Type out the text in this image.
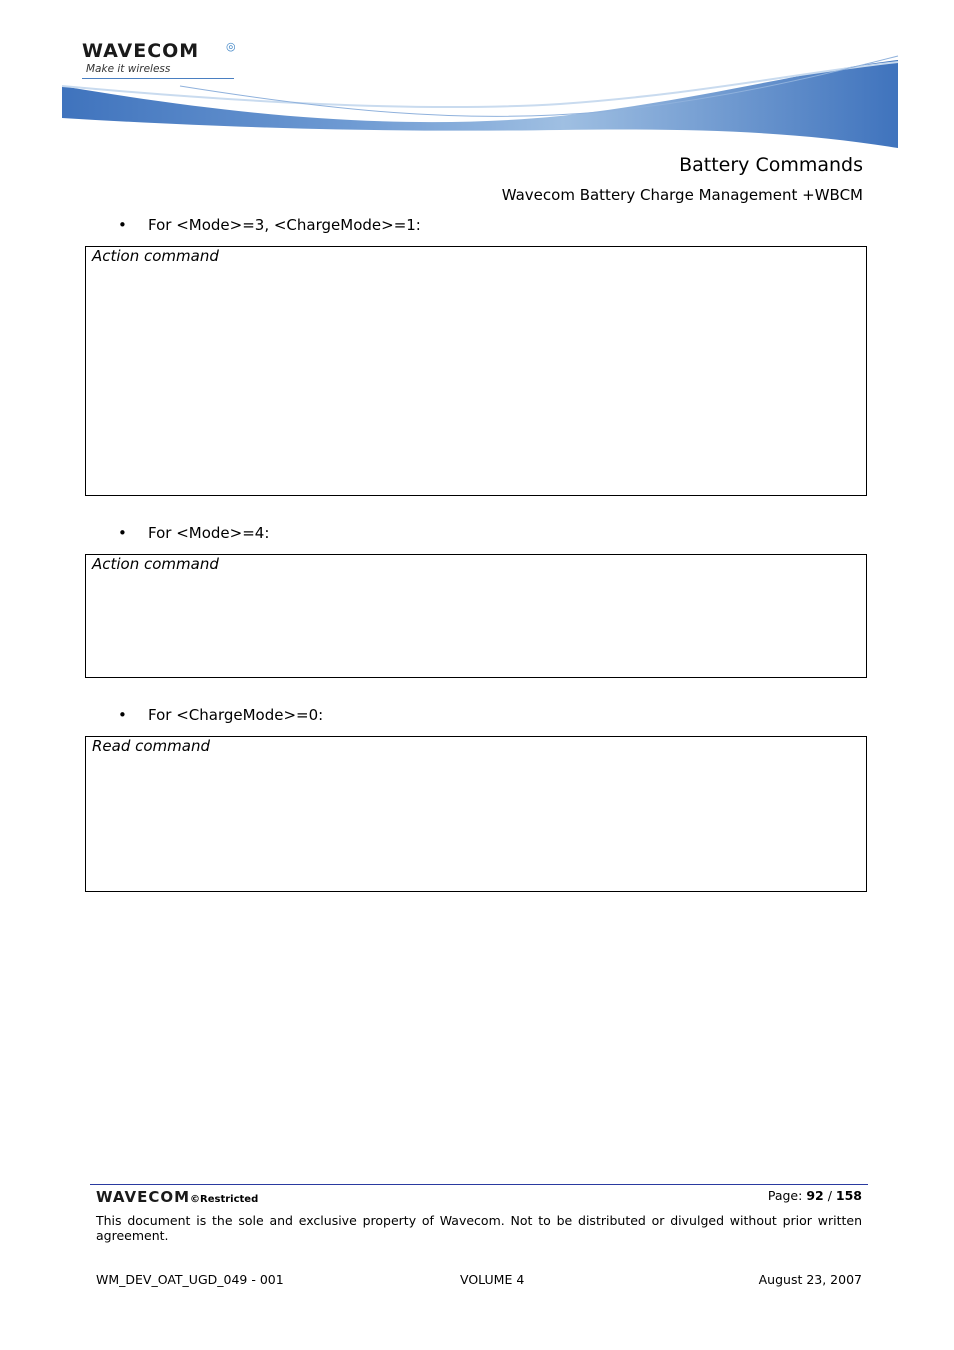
WAVECOM	◎
Make it wireless
Battery Commands
Wavecom Battery Charge Management +WBCM
• For <Mode>=3, <ChargeMode>=1:
Action command
• For <Mode>=4:
Action command
• For <ChargeMode>=0:
Read command
WAVECOM©Restricted	Page: 92 / 158
This document is the sole and exclusive property of Wavecom. Not to be distributed or divulged without prior written agreement.
WM_DEV_OAT_UGD_049 - 001	VOLUME 4	August 23, 2007
